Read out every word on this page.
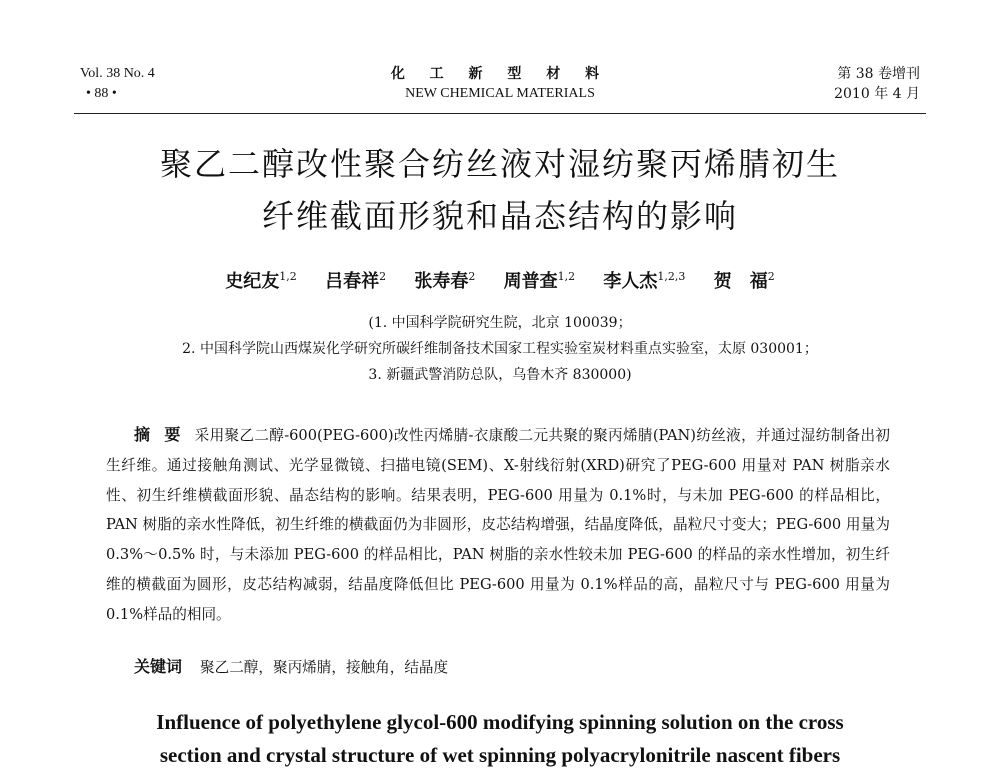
Vol. 38 No. 4
• 88 •
化 工 新 型 材 料
NEW CHEMICAL MATERIALS
第 38 卷增刊
2010 年 4 月
聚乙二醇改性聚合纺丝液对湿纺聚丙烯腈初生
纤维截面形貌和晶态结构的影响
史纪友$^{1,2}$ 吕春祥$^2$ 张寿春$^2$ 周普查$^{1,2}$ 李人杰$^{1,2,3}$ 贺　福$^2$
(1. 中国科学院研究生院，北京 100039；
2. 中国科学院山西煤炭化学研究所碳纤维制备技术国家工程实验室炭材料重点实验室，太原 030001；
3. 新疆武警消防总队，乌鲁木齐 830000)
摘要采用聚乙二醇-600(PEG-600)改性丙烯腈-衣康酸二元共聚的聚丙烯腈(PAN)纺丝液，并通过湿纺制备出初生纤维。通过接触角测试、光学显微镜、扫描电镜(SEM)、X-射线衍射(XRD)研究了PEG-600 用量对 PAN 树脂亲水性、初生纤维横截面形貌、晶态结构的影响。结果表明，PEG-600 用量为 0.1%时，与未加 PEG-600 的样品相比，PAN 树脂的亲水性降低，初生纤维的横截面仍为非圆形，皮芯结构增强，结晶度降低，晶粒尺寸变大；PEG-600 用量为 0.3%～0.5% 时，与未添加 PEG-600 的样品相比，PAN 树脂的亲水性较未加 PEG-600 的样品的亲水性增加，初生纤维的横截面为圆形，皮芯结构减弱，结晶度降低但比 PEG-600 用量为 0.1%样品的高，晶粒尺寸与 PEG-600 用量为 0.1%样品的相同。
关键词 聚乙二醇，聚丙烯腈，接触角，结晶度
Influence of polyethylene glycol-600 modifying spinning solution on the cross
section and crystal structure of wet spinning polyacrylonitrile nascent fibers
